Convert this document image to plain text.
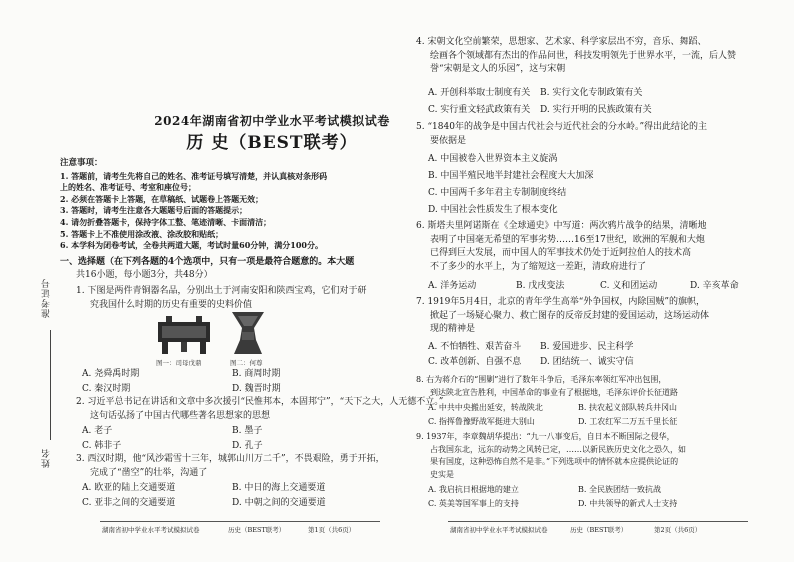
准考证号
姓名
2024年湖南省初中学业水平考试模拟试卷
历 史（BEST联考）
注意事项：
1. 答题前，请考生先将自己的姓名、准考证号填写清楚，并认真核对条形码
上的姓名、准考证号、考室和座位号；
2. 必须在答题卡上答题，在草稿纸、试题卷上答题无效；
3. 答题时，请考生注意各大题题号后面的答题提示；
4. 请勿折叠答题卡，保持字体工整、笔迹清晰、卡面清洁；
5. 答题卡上不准使用涂改液、涂改胶和贴纸；
6. 本学科为闭卷考试，全卷共两道大题，考试时量60分钟，满分100分。
一、选择题（在下列各题的4个选项中，只有一项是最符合题意的。本大题
共16小题，每小题3分，共48分）
1. 下图是两件青铜器名品，分别出土于河南安阳和陕西宝鸡，它们对于研
究我国什么时期的历史有重要的史料价值
图一：司母戊鼎	图二：何尊
A. 尧舜禹时期	B. 商周时期
C. 秦汉时期	D. 魏晋时期
2. 习近平总书记在讲话和文章中多次援引“民惟邦本，本固邦宁”，“天下之大，人无德不立。”
这句话弘扬了中国古代哪些著名思想家的思想
A. 老子	B. 墨子
C. 韩非子	D. 孔子
3. 西汉时期，他“风沙霜雪十三年，城郭山川万二千”，不畏艰险，勇于开拓，
完成了“凿空”的壮举，沟通了
A. 欧亚的陆上交通要道	B. 中日的海上交通要道
C. 亚非之间的交通要道	D. 中朝之间的交通要道
湖南省初中学业水平考试模拟试卷	历史（BEST联考）	第1页（共6页）
4. 宋朝文化空前繁荣，思想家、艺术家、科学家层出不穷，音乐、舞蹈、
绘画各个领域都有杰出的作品问世，科技发明领先于世界水平，一流，后人赞
誉“宋朝是文人的乐园”，这与宋朝
A. 开创科举取士制度有关 B. 实行文化专制政策有关
C. 实行重文轻武政策有关 D. 实行开明的民族政策有关
5. “1840年的战争是中国古代社会与近代社会的分水岭。”得出此结论的主
要依据是
A. 中国被卷入世界资本主义旋涡
B. 中国半殖民地半封建社会程度大大加深
C. 中国两千多年君主专制制度终结
D. 中国社会性质发生了根本变化
6. 斯塔夫里阿诺斯在《全球通史》中写道：两次鸦片战争的结果，清晰地
表明了中国毫无希望的军事劣势……16至17世纪，欧洲的军舰和大炮
已得到巨大发展，而中国人的军事技术仍处于近阿拉伯人的技术高
不了多少的水平上，为了缩短这一差距，清政府进行了
A. 洋务运动	B. 戊戌变法	C. 义和团运动	D. 辛亥革命
7. 1919年5月4日，北京的青年学生高举“外争国权，内除国贼”的旗帜，
掀起了一场疑心聚力、救亡图存的反帝反封建的爱国运动，这场运动体
现的精神是
A. 不怕牺牲、艰苦奋斗 B. 爱国进步、民主科学
C. 改革创新、自强不息 D. 团结统一、诚实守信
8. 右为蒋介石的“围剿”进行了数年斗争后，毛泽东率领红军冲出包围，
到达陕北宣告胜利，中国革命的事业有了根据地，毛泽东评价长征道路
A. 中共中央搬出延安，转战陕北	B. 扶农起义部队转兵井冈山
C. 指挥鲁豫野战军挺进大别山	D. 工农红军二万五千里长征
9. 1937年，李章魏胡华提出：“九一八事变后，自日本不断国际之侵华，
占我国东北，远东的动势之风转已定，……以新民族历史文化之恐久，如
果有国度，这种恐怖自然不是非。”下列选项中的情怀就本应提供论证的
史实是
A. 我启抗日根据地的建立	B. 全民族团结一致抗战
C. 英美等国军事上的支持	D. 中共领导的新式人士支持
湖南省初中学业水平考试模拟试卷	历史（BEST联考）	第2页（共6页）
